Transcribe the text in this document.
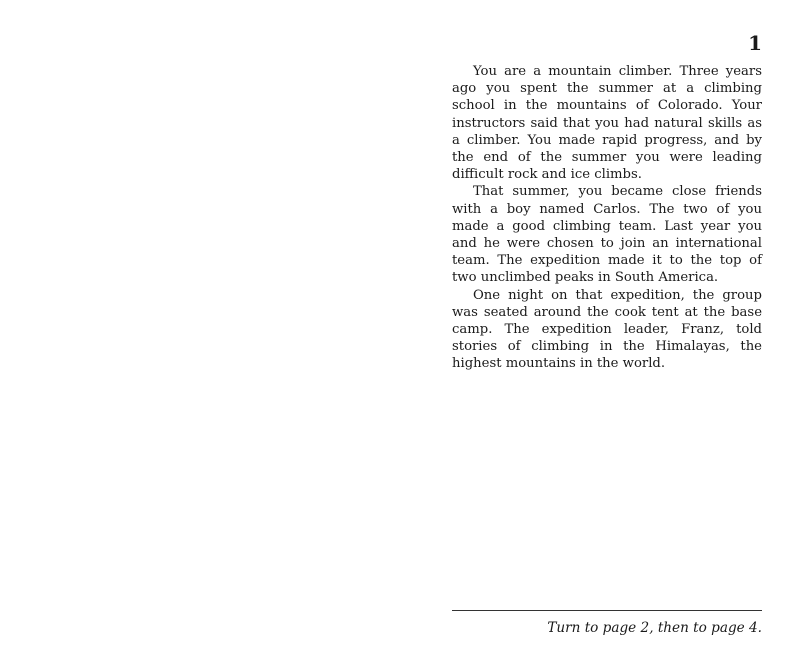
1

You are a mountain climber. Three years ago you spent the summer at a climbing school in the mountains of Colorado. Your instructors said that you had natural skills as a climber. You made rapid progress, and by the end of the summer you were leading difficult rock and ice climbs.

That summer, you became close friends with a boy named Carlos. The two of you made a good climbing team. Last year you and he were chosen to join an international team. The expedition made it to the top of two unclimbed peaks in South America.

One night on that expedition, the group was seated around the cook tent at the base camp. The expedition leader, Franz, told stories of climbing in the Himalayas, the highest mountains in the world.

Turn to page 2, then to page 4.
